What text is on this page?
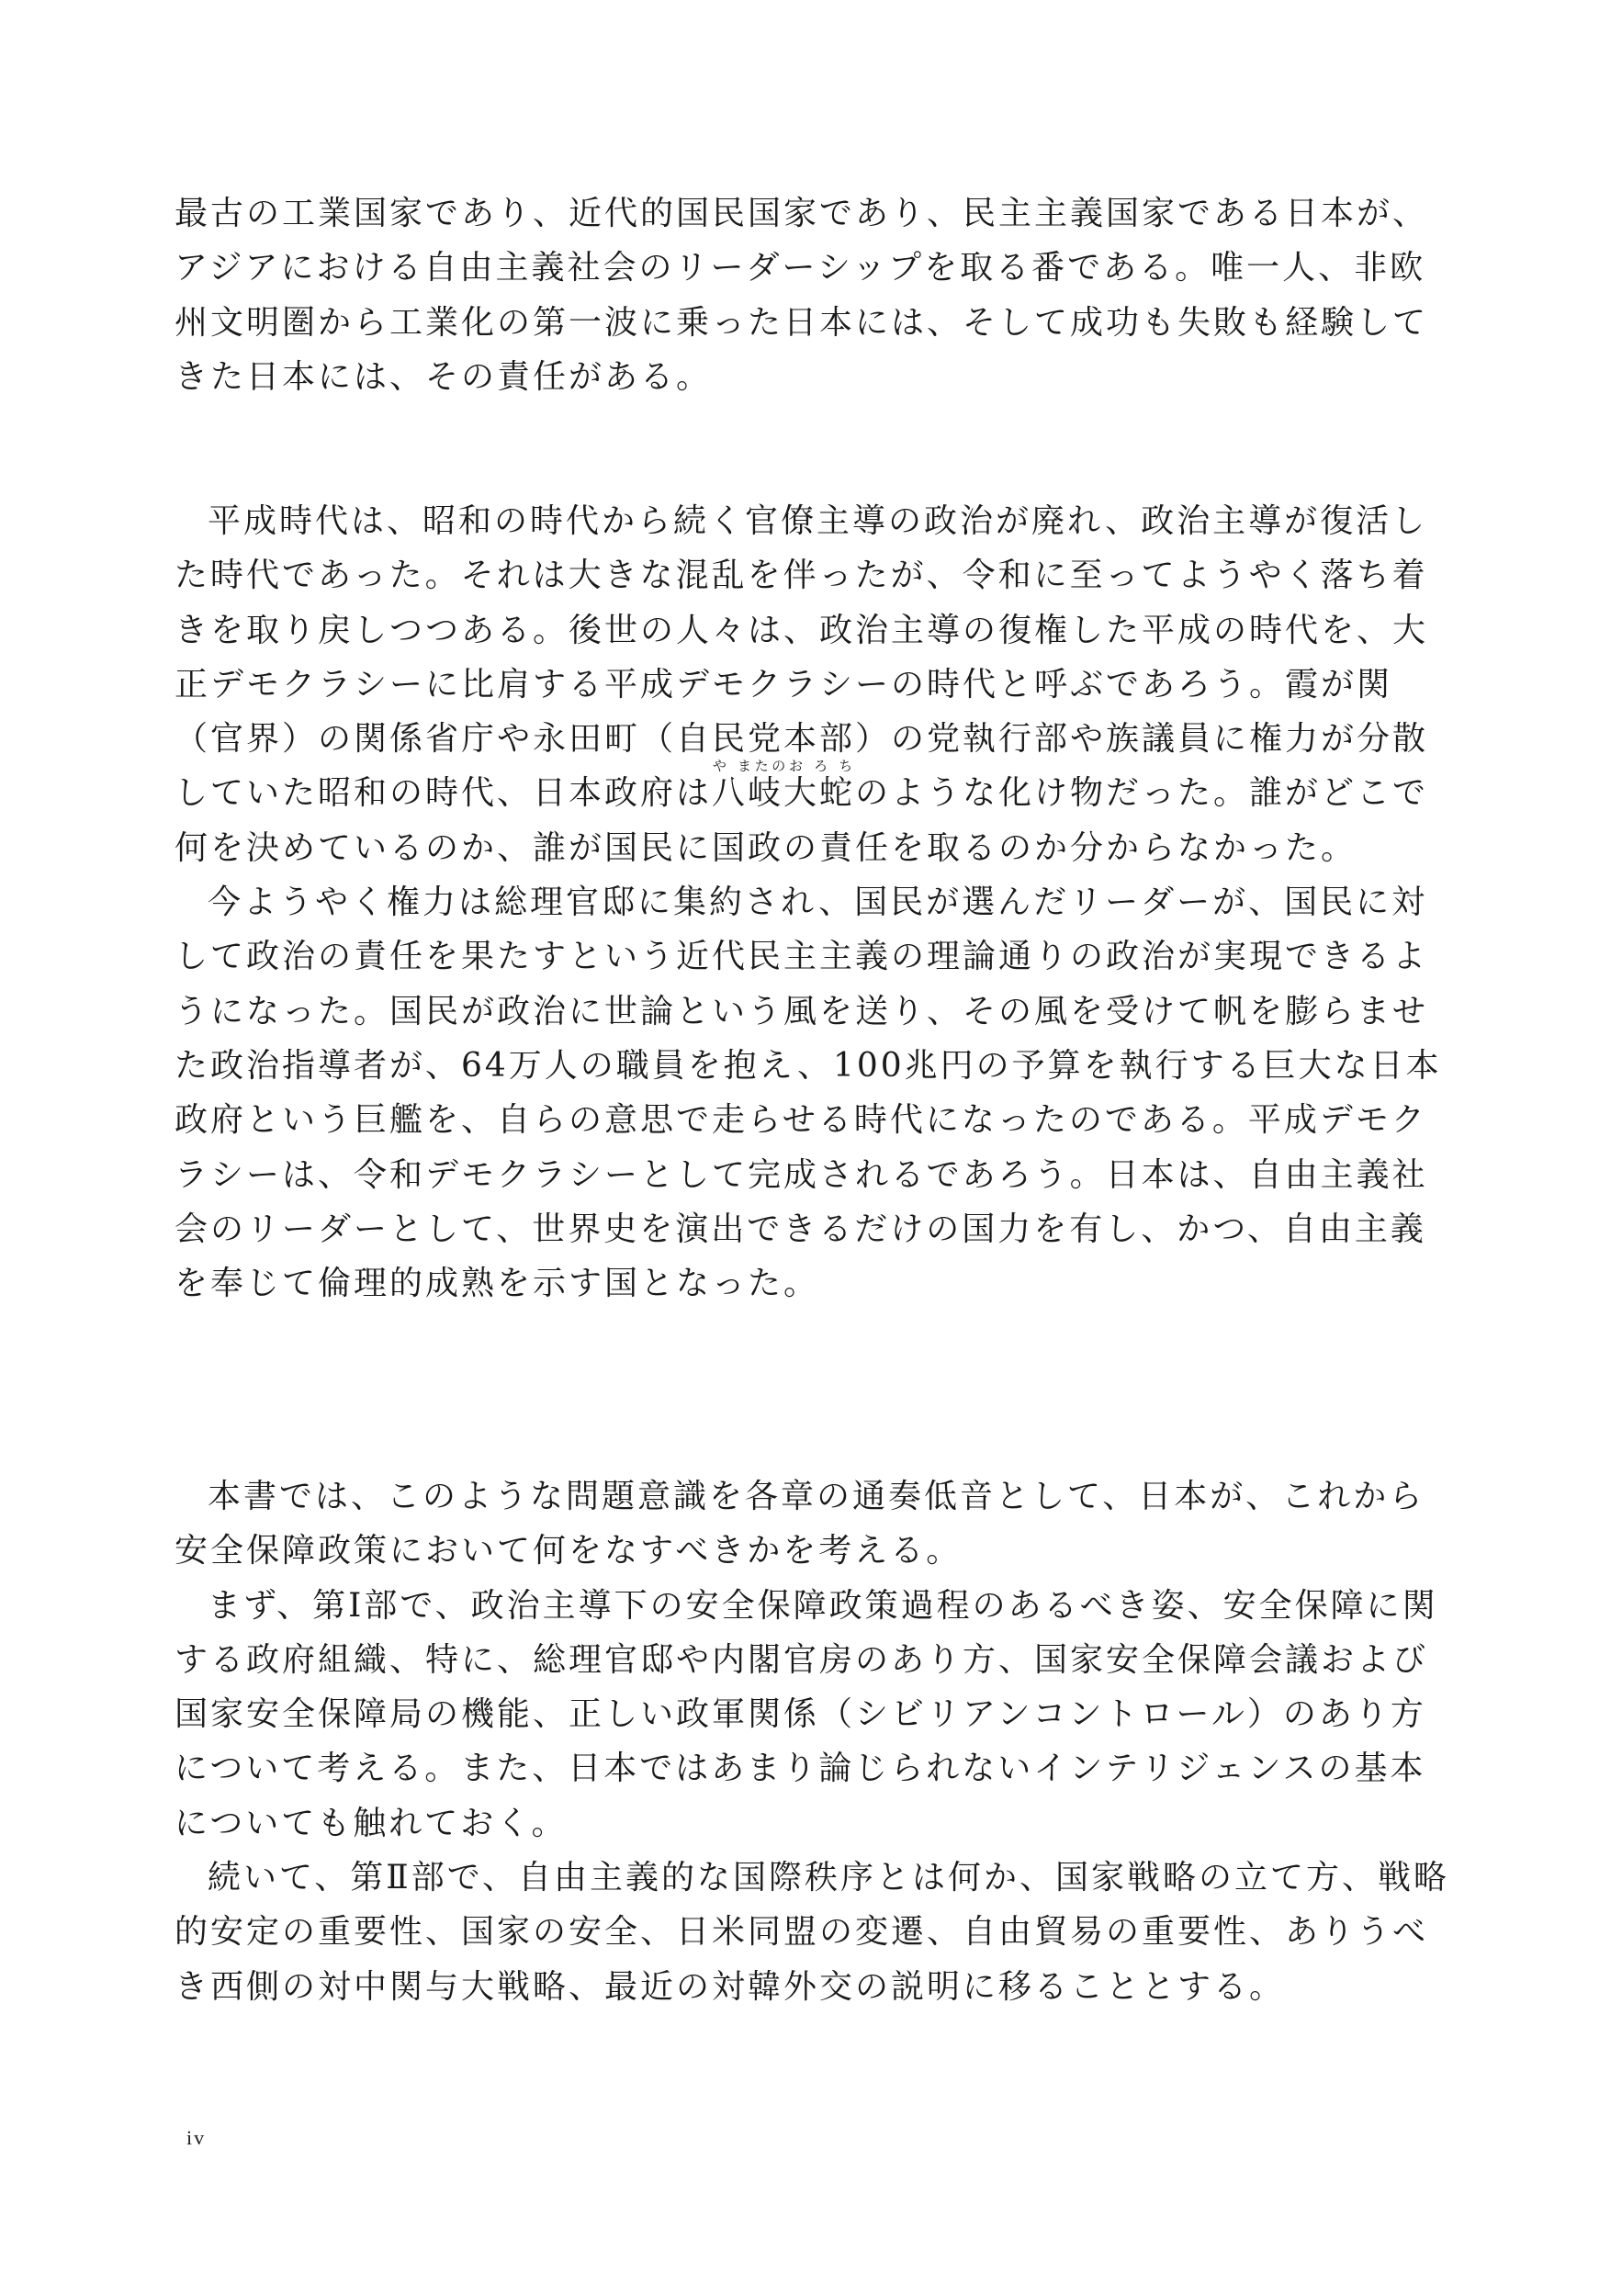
最古の工業国家であり、近代的国民国家であり、民主主義国家である日本が、アジアにおける自由主義社会のリーダーシップを取る番である。唯一人、非欧州文明圏から工業化の第一波に乗った日本には、そして成功も失敗も経験してきた日本には、その責任がある。

平成時代は、昭和の時代から続く官僚主導の政治が廃れ、政治主導が復活した時代であった。それは大きな混乱を伴ったが、令和に至ってようやく落ち着きを取り戻しつつある。後世の人々は、政治主導の復権した平成の時代を、大正デモクラシーに比肩する平成デモクラシーの時代と呼ぶであろう。霞が関（官界）の関係省庁や永田町（自民党本部）の党執行部や族議員に権力が分散していた昭和の時代、日本政府は八岐大蛇や またのお ろ ちのような化け物だった。誰がどこで何を決めているのか、誰が国民に国政の責任を取るのか分からなかった。

今ようやく権力は総理官邸に集約され、国民が選んだリーダーが、国民に対して政治の責任を果たすという近代民主主義の理論通りの政治が実現できるようになった。国民が政治に世論という風を送り、その風を受けて帆を膨らませた政治指導者が、64万人の職員を抱え、100兆円の予算を執行する巨大な日本政府という巨艦を、自らの意思で走らせる時代になったのである。平成デモクラシーは、令和デモクラシーとして完成されるであろう。日本は、自由主義社会のリーダーとして、世界史を演出できるだけの国力を有し、かつ、自由主義を奉じて倫理的成熟を示す国となった。

本書では、このような問題意識を各章の通奏低音として、日本が、これから安全保障政策において何をなすべきかを考える。

まず、第Ⅰ部で、政治主導下の安全保障政策過程のあるべき姿、安全保障に関する政府組織、特に、総理官邸や内閣官房のあり方、国家安全保障会議および国家安全保障局の機能、正しい政軍関係（シビリアンコントロール）のあり方について考える。また、日本ではあまり論じられないインテリジェンスの基本についても触れておく。

続いて、第Ⅱ部で、自由主義的な国際秩序とは何か、国家戦略の立て方、戦略的安定の重要性、国家の安全、日米同盟の変遷、自由貿易の重要性、ありうべき西側の対中関与大戦略、最近の対韓外交の説明に移ることとする。

iv
